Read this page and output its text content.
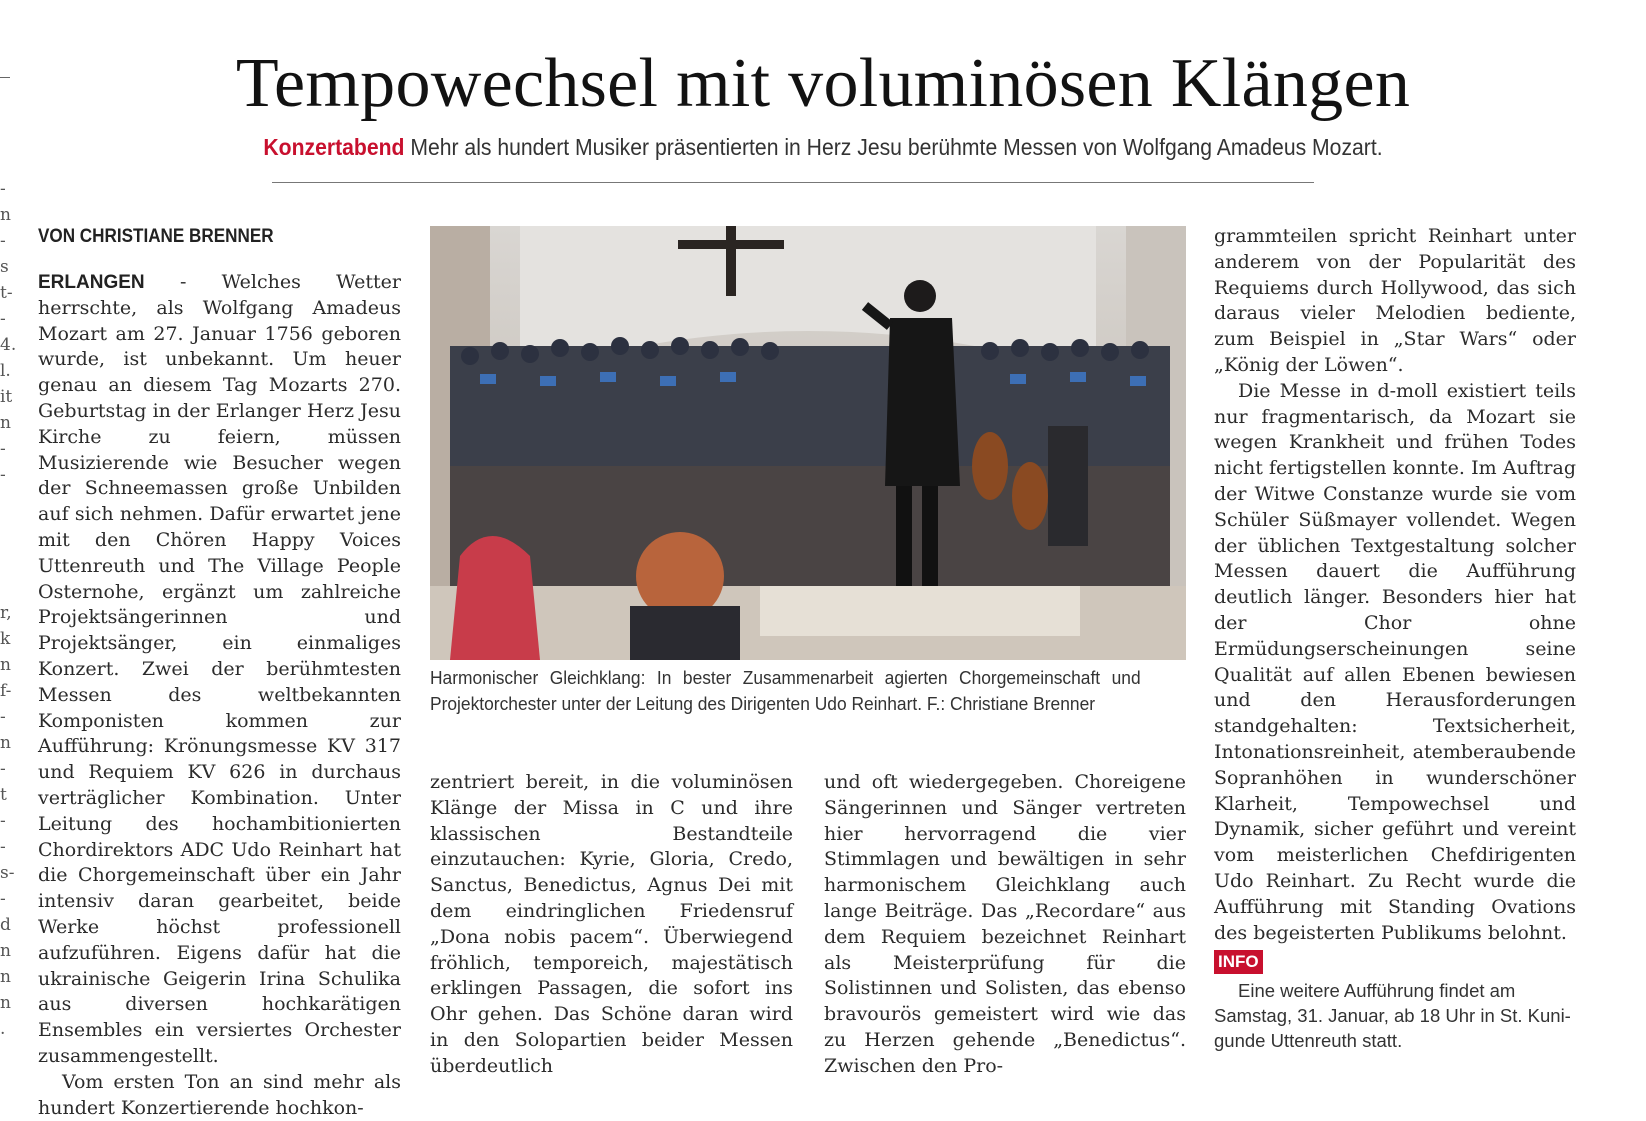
-
n
-
s
t-
-
4.
l.
it
n
-
-
r,
k
n
f-
-
n
-
t
-
-
s-
-
d
n
n
n
.
Tempowechsel mit voluminösen Klängen
Konzertabend Mehr als hundert Musiker präsentierten in Herz Jesu berühmte Messen von Wolfgang Amadeus Mozart.
VON CHRISTIANE BRENNER

ERLANGEN - Welches Wetter herrschte, als Wolfgang Amadeus Mozart am 27. Januar 1756 geboren wurde, ist unbekannt. Um heuer genau an diesem Tag Mozarts 270. Geburtstag in der Erlanger Herz Jesu Kirche zu feiern, müssen Musizierende wie Besucher wegen der Schneemassen große Unbilden auf sich nehmen. Dafür erwartet jene mit den Chören Happy Voices Uttenreuth und The Village People Osternohe, ergänzt um zahlreiche Projektsängerinnen und Projektsänger, ein einmaliges Konzert. Zwei der berühmtesten Messen des weltbekannten Komponisten kommen zur Aufführung: Krönungsmesse KV 317 und Requiem KV 626 in durchaus verträglicher Kombination. Unter Leitung des hochambitionierten Chordirektors ADC Udo Reinhart hat die Chorgemeinschaft über ein Jahr intensiv daran gearbeitet, beide Werke höchst professionell aufzuführen. Eigens dafür hat die ukrainische Geigerin Irina Schulika aus diversen hochkarätigen Ensembles ein versiertes Orchester zusammengestellt.

Vom ersten Ton an sind mehr als hundert Konzertierende hochkon-

Harmonischer Gleichklang: In bester Zusammenarbeit agierten Chorgemeinschaft und Projektorchester unter der Leitung des Dirigenten Udo Reinhart. F.: Christiane Brenner

zentriert bereit, in die voluminösen Klänge der Missa in C und ihre klassischen Bestandteile einzutauchen: Kyrie, Gloria, Credo, Sanctus, Benedictus, Agnus Dei mit dem eindringlichen Friedensruf „Dona nobis pacem“. Überwiegend fröhlich, temporeich, majestätisch erklingen Passagen, die sofort ins Ohr gehen. Das Schöne daran wird in den Solopartien beider Messen überdeutlich

und oft wiedergegeben. Choreigene Sängerinnen und Sänger vertreten hier hervorragend die vier Stimmlagen und bewältigen in sehr harmonischem Gleichklang auch lange Beiträge. Das „Recordare“ aus dem Requiem bezeichnet Reinhart als Meisterprüfung für die Solistinnen und Solisten, das ebenso bravourös gemeistert wird wie das zu Herzen gehende „Benedictus“. Zwischen den Pro-

grammteilen spricht Reinhart unter anderem von der Popularität des Requiems durch Hollywood, das sich daraus vieler Melodien bediente, zum Beispiel in „Star Wars“ oder „König der Löwen“.

Die Messe in d-moll existiert teils nur fragmentarisch, da Mozart sie wegen Krankheit und frühen Todes nicht fertigstellen konnte. Im Auftrag der Witwe Constanze wurde sie vom Schüler Süßmayer vollendet. Wegen der üblichen Textgestaltung solcher Messen dauert die Aufführung deutlich länger. Besonders hier hat der Chor ohne Ermüdungserscheinungen seine Qualität auf allen Ebenen bewiesen und den Herausforderungen standgehalten: Textsicherheit, Intonationsreinheit, atemberaubende Sopranhöhen in wunderschöner Klarheit, Tempowechsel und Dynamik, sicher geführt und vereint vom meisterlichen Chefdirigenten Udo Reinhart. Zu Recht wurde die Aufführung mit Standing Ovations des begeisterten Publikums belohnt.

INFO
Eine weitere Aufführung findet am
Samstag, 31. Januar, ab 18 Uhr in St. Kuni-
gunde Uttenreuth statt.
